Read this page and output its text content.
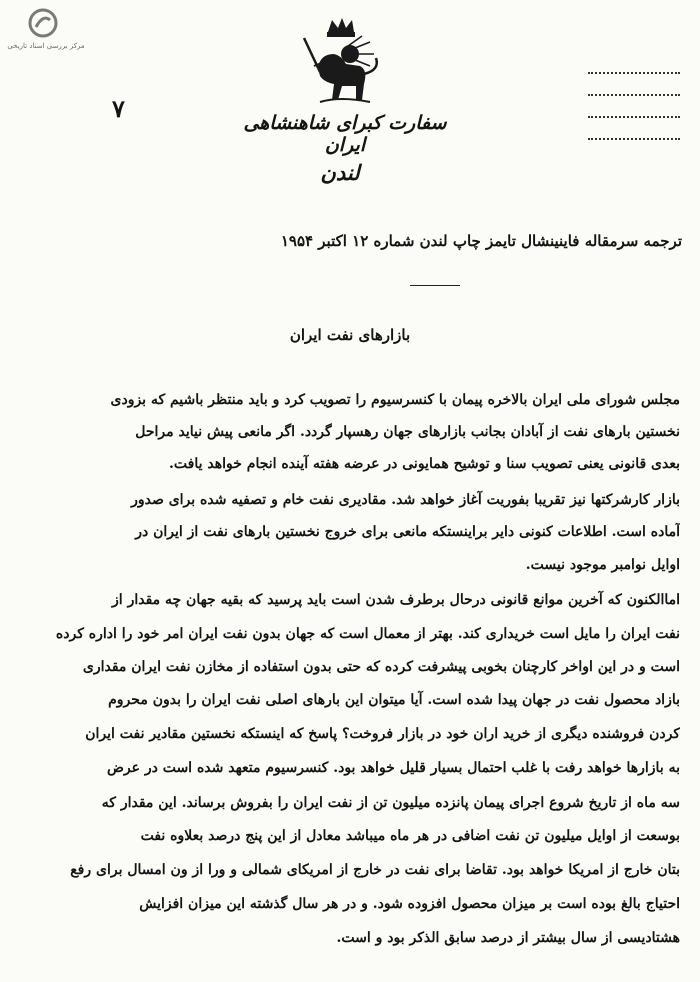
مرکز بررسی اسناد تاریخی
سفارت کبرای شاهنشاهی ایران
لندن
۷
ترجمه سرمقاله فاینینشال تایمز چاپ لندن شماره ۱۲ اکتبر ۱۹۵۴
بازارهای نفت ایران
مجلس شورای ملی ایران بالاخره پیمان با کنسرسیوم را تصویب کرد و باید منتظر باشیم که بزودی
نخستین بارهای نفت از آبادان بجانب بازارهای جهان رهسپار گردد. اگر مانعی پیش نیاید مراحل
بعدی قانونی یعنی تصویب سنا و توشیح همایونی در عرضه هفته آینده انجام خواهد یافت.
بازار کارشرکتها نیز تقریبا بفوریت آغاز خواهد شد. مقادیری نفت خام و تصفیه شده برای صدور
آماده است. اطلاعات کنونی دایر براینستکه مانعی برای خروج نخستین بارهای نفت از ایران در
اوایل نوامبر موجود نیست.
اماالکنون که آخرین موانع قانونی درحال برطرف شدن است باید پرسید که بقیه جهان چه مقدار از
نفت ایران را مایل است خریداری کند. بهتر از معمال است که جهان بدون نفت ایران امر خود را اداره کرده
است و در این اواخر کارچنان بخوبی پیشرفت کرده که حتی بدون استفاده از مخازن نفت ایران مقداری
بازاد محصول نفت در جهان پیدا شده است. آیا میتوان این بارهای اصلی نفت ایران را بدون محروم
کردن فروشنده دیگری از خرید اران خود در بازار فروخت؟ پاسخ که اینستکه نخستین مقادیر نفت ایران
به بازارها خواهد رفت با غلب احتمال بسیار قلیل خواهد بود. کنسرسیوم متعهد شده است در عرض
سه ماه از تاریخ شروع اجرای پیمان پانزده میلیون تن از نفت ایران را بفروش برساند. این مقدار که
بوسعت از اوایل میلیون تن نفت اضافی در هر ماه میباشد معادل از این پنج درصد بعلاوه نفت
بتان خارج از امریکا خواهد بود. تقاضا برای نفت در خارج از امریکای شمالی و ورا از ون امسال برای رفع
احتیاج بالغ بوده است بر میزان محصول افزوده شود. و در هر سال گذشته این میزان افزایش
هشتادیسی از سال بیشتر از درصد سابق الذکر بود و است.
